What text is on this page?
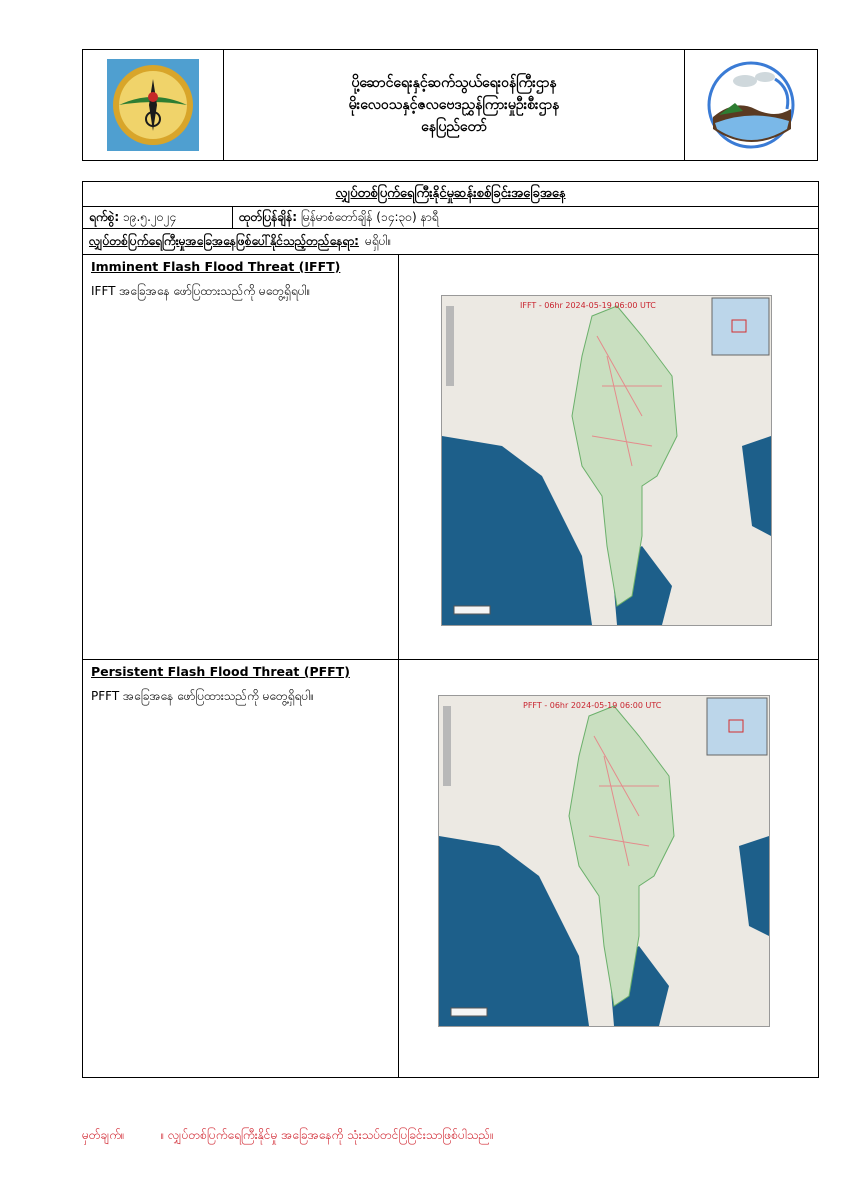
ပို့ဆောင်ရေးနှင့်ဆက်သွယ်ရေးဝန်ကြီးဌာန
မိုးလေဝသနှင့်ဇလဗေဒညွှန်ကြားမှုဦးစီးဌာန
နေပြည်တော်
လျှပ်တစ်ပြက်ရေကြီးနိုင်မှုဆန်းစစ်ခြင်းအခြေအနေ
ရက်စွဲ:
၁၉.၅.၂၀၂၄	ထုတ်ပြန်ချိန်:
မြန်မာစံတော်ချိန် (၁၄:၃၀) နာရီ
လျှပ်တစ်ပြက်ရေကြီးမှုအခြေအနေဖြစ်ပေါ်နိုင်သည့်တည်နေရာ: မရှိပါ။
Imminent Flash Flood Threat (IFFT)
IFFT အခြေအနေ ဖော်ပြထားသည်ကို မတွေ့ရှိရပါ။
IFFT - 06hr 2024-05-19 06:00 UTC
Persistent Flash Flood Threat (PFFT)
PFFT အခြေအနေ ဖော်ပြထားသည်ကို မတွေ့ရှိရပါ။
PFFT - 06hr 2024-05-19 06:00 UTC
မှတ်ချက်။	။ လျှပ်တစ်ပြက်ရေကြီးနိုင်မှု အခြေအနေကို သုံးသပ်တင်ပြခြင်းသာဖြစ်ပါသည်။
